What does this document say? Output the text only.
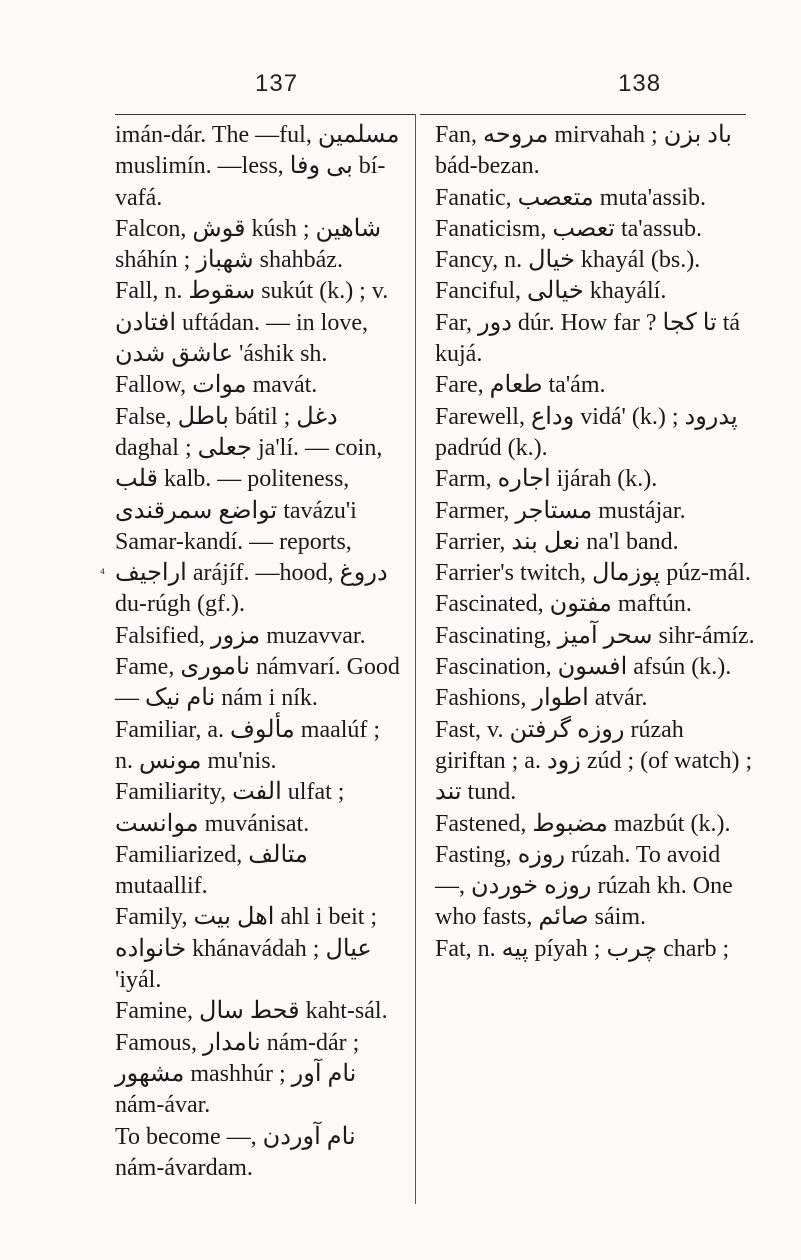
137	138
⁴

imán-dár. The —ful, مسلمين muslimín. —less, بی وفا bí-vafá.

Falcon, قوش kúsh ; شاهين sháhín ; شهباز shahbáz.

Fall, n. سقوط sukút (k.) ; v. افتادن uftádan. — in love, عاشق شدن 'áshik sh.

Fallow, موات mavát.

False, باطل bátil ; دغل daghal ; جعلى ja'lí. — coin, قلب kalb. — politeness, تواضع سمرقندی tavázu'i Samar-kandí. — reports, اراجيف arájíf. —hood, دروغ du-rúgh (gf.).

Falsified, مزور muzavvar.

Fame, ناموری námvarí. Good — نام نیک nám i ník.

Familiar, a. مألوف maalúf ; n. مونس mu'nis.

Familiarity, الفت ulfat ; موانست muvánisat.

Familiarized, متالف mutaallif.

Family, اهل بیت ahl i beit ; خانواده khánavádah ; عیال 'iyál.

Famine, قحط سال kaht-sál.

Famous, نامدار nám-dár ; مشهور mashhúr ; نام آور nám-ávar.

To become —, نام آوردن nám-ávardam.

Fan, مروحه mirvahah ; باد بزن bád-bezan.

Fanatic, متعصب muta'assib.

Fanaticism, تعصب ta'assub.

Fancy, n. خیال khayál (bs.).

Fanciful, خیالی khayálí.

Far, دور dúr. How far ? تا کجا tá kujá.

Fare, طعام ta'ám.

Farewell, وداع vidá' (k.) ; پدرود padrúd (k.).

Farm, اجاره ijárah (k.).

Farmer, مستاجر mustájar.

Farrier, نعل بند na'l band.

Farrier's twitch, پوزمال púz-mál.

Fascinated, مفتون maftún.

Fascinating, سحر آمیز sihr-ámíz.

Fascination, افسون afsún (k.).

Fashions, اطوار atvár.

Fast, v. روزه گرفتن rúzah giriftan ; a. زود zúd ; (of watch) ; تند tund.

Fastened, مضبوط mazbút (k.).

Fasting, روزه rúzah. To avoid —, روزه خوردن rúzah kh. One who fasts, صائم sáim.

Fat, n. پیه píyah ; چرب charb ;
